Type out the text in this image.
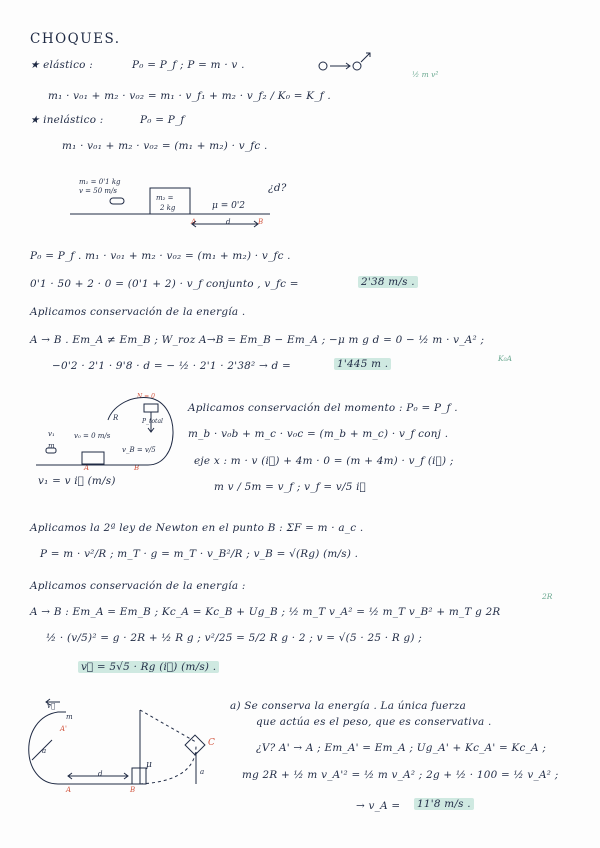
CHOQUES.
★ elástico :	P₀ = P_f ; P = m · v .
½ m v²
m₁ · v₀₁ + m₂ · v₀₂ = m₁ · v_f₁ + m₂ · v_f₂ / K₀ = K_f .
★ inelástico :	P₀ = P_f
m₁ · v₀₁ + m₂ · v₀₂ = (m₁ + m₂) · v_fc .
m₁ = 0'1 kg
v = 50 m/s
m₂ =
2 kg	μ = 0'2
d
A	B
¿d?
P₀ = P_f . m₁ · v₀₁ + m₂ · v₀₂ = (m₁ + m₂) · v_fc .
0'1 · 50 + 2 · 0 = (0'1 + 2) · v_f conjunto , v_fc =	2'38 m/s .
Aplicamos conservación de la energía .
A → B . Em_A ≠ Em_B ; W_roz A→B = Em_B − Em_A ; −μ m g d = 0 − ½ m · v_A² ;
K₀A
−0'2 · 2'1 · 9'8 · d = − ½ · 2'1 · 2'38² → d =	1'445 m .
R
N = 0
P_total
v₁
m
v₀ = 0 m/s
v_B = v/5
A	B
v₁ = v i⃗ (m/s)
Aplicamos conservación del momento : P₀ = P_f .
m_b · v₀b + m_c · v₀c = (m_b + m_c) · v_f conj .
eje x : m · v (i⃗) + 4m · 0 = (m + 4m) · v_f (i⃗) ;
m v / 5m = v_f ; v_f = v/5 i⃗
Aplicamos la 2ª ley de Newton en el punto B : ΣF = m · a_c .
P = m · v²/R ; m_T · g = m_T · v_B²/R ; v_B = √(Rg) (m/s) .
Aplicamos conservación de la energía :
2R
A → B : Em_A = Em_B ; Kc_A = Kc_B + Ug_B ; ½ m_T v_A² = ½ m_T v_B² + m_T g 2R
½ · (v/5)² = g · 2R + ½ R g ; v²/25 = 5/2 R g · 2 ; v = √(5 · 25 · R g) ;
v⃗ = 5√5 · Rg (i⃗) (m/s) .
v⃗
m
A'
a
d
μ
C
a
A	B
a) Se conserva la energía . La única fuerza
que actúa es el peso, que es conservativa .
¿V? A' → A ; Em_A' = Em_A ; Ug_A' + Kc_A' = Kc_A ;
mg 2R + ½ m v_A'² = ½ m v_A² ; 2g + ½ · 100 = ½ v_A² ;
→ v_A = 11'8 m/s .
